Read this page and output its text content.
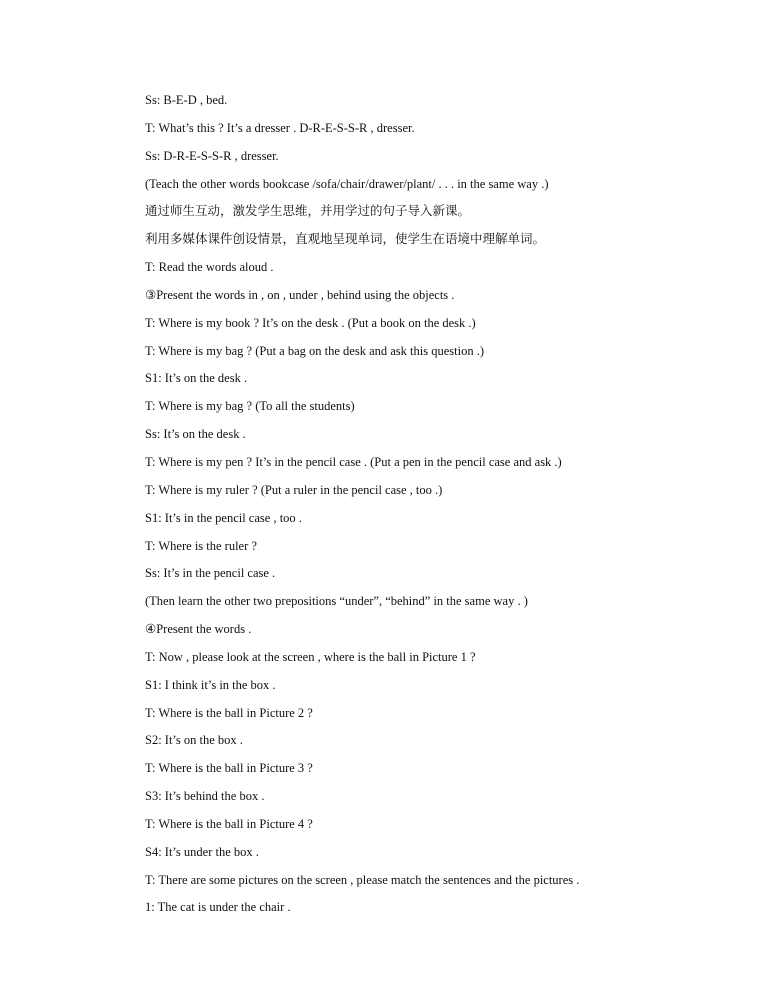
Ss: B-E-D , bed.
T: What’s this ? It’s a dresser . D-R-E-S-S-R , dresser.
Ss: D-R-E-S-S-R , dresser.
(Teach the other words bookcase /sofa/chair/drawer/plant/ . . . in the same way .)
通过师生互动，激发学生思维，并用学过的句子导入新课。
利用多媒体课件创设情景，直观地呈现单词，使学生在语境中理解单词。
T: Read the words aloud .
③Present the words in , on , under , behind using the objects .
T: Where is my book ? It’s on the desk . (Put a book on the desk .)
T: Where is my bag ? (Put a bag on the desk and ask this question .)
S1: It’s on the desk .
T: Where is my bag ? (To all the students)
Ss: It’s on the desk .
T: Where is my pen ? It’s in the pencil case . (Put a pen in the pencil case and ask .)
T: Where is my ruler ? (Put a ruler in the pencil case , too .)
S1: It’s in the pencil case , too .
T: Where is the ruler ?
Ss: It’s in the pencil case .
(Then learn the other two prepositions “under”, “behind” in the same way . )
④Present the words .
T: Now , please look at the screen , where is the ball in Picture 1 ?
S1: I think it’s in the box .
T: Where is the ball in Picture 2 ?
S2: It’s on the box .
T: Where is the ball in Picture 3 ?
S3: It’s behind the box .
T: Where is the ball in Picture 4 ?
S4: It’s under the box .
T: There are some pictures on the screen , please match the sentences and the pictures .
1: The cat is under the chair .
